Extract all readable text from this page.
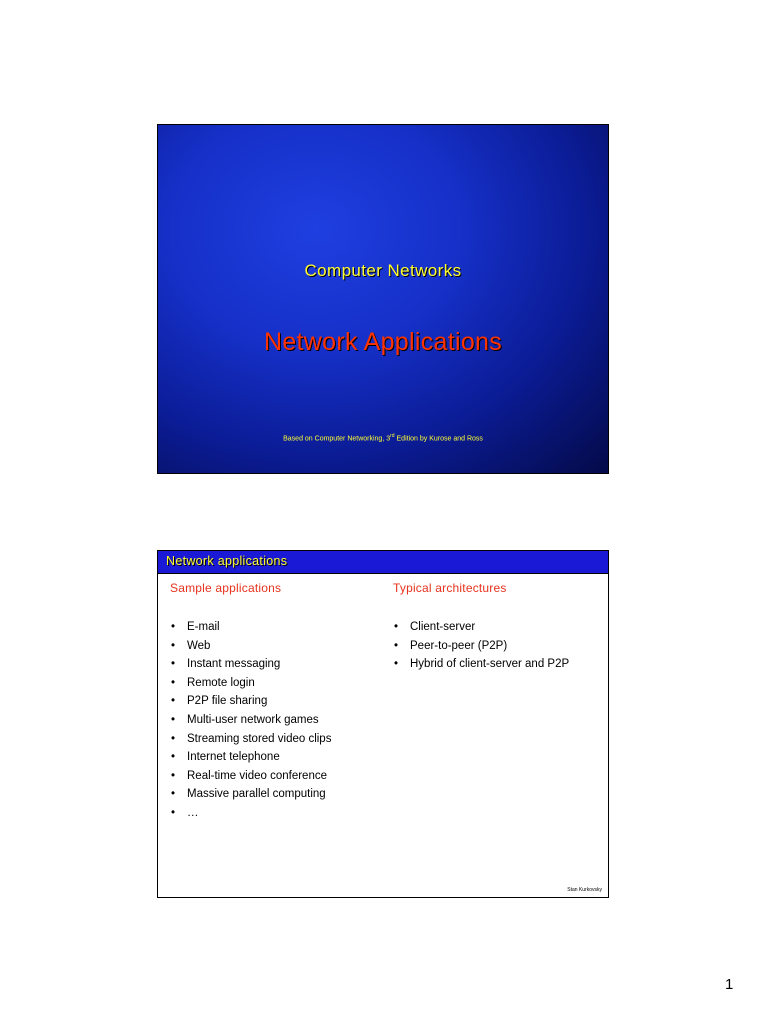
Computer Networks
Network Applications
Based on Computer Networking, 3rd Edition by Kurose and Ross
Network applications
Sample applications
• E-mail
• Web
• Instant messaging
• Remote login
• P2P file sharing
• Multi-user network games
• Streaming stored video clips
• Internet telephone
• Real-time video conference
• Massive parallel computing
• …
Typical architectures
• Client-server
• Peer-to-peer (P2P)
• Hybrid of client-server and P2P
Stan Kurkovsky
1
